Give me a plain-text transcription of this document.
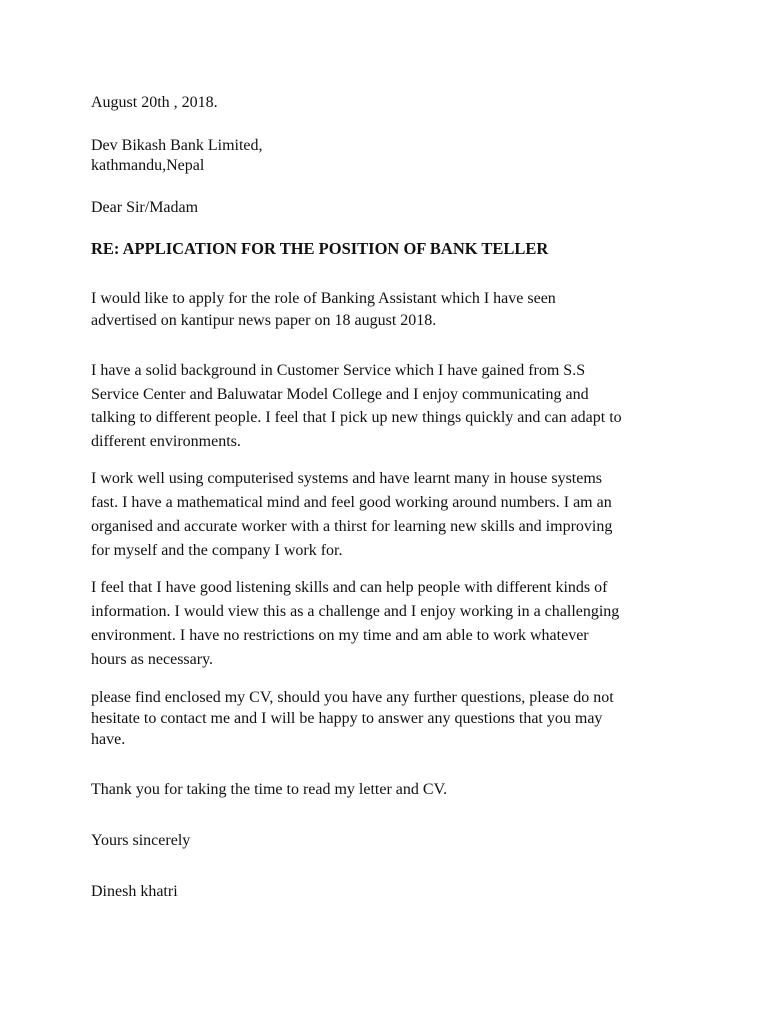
August 20th , 2018.
Dev Bikash Bank Limited,
kathmandu,Nepal
Dear Sir/Madam
RE: APPLICATION FOR THE POSITION OF BANK TELLER
I would like to apply for the role of Banking Assistant which I have seen
advertised on kantipur news paper on 18 august 2018.
I have a solid background in Customer Service which I have gained from S.S
Service Center and Baluwatar Model College and I enjoy communicating and
talking to different people. I feel that I pick up new things quickly and can adapt to
different environments.
I work well using computerised systems and have learnt many in house systems
fast. I have a mathematical mind and feel good working around numbers. I am an
organised and accurate worker with a thirst for learning new skills and improving
for myself and the company I work for.
I feel that I have good listening skills and can help people with different kinds of
information. I would view this as a challenge and I enjoy working in a challenging
environment. I have no restrictions on my time and am able to work whatever
hours as necessary.
please find enclosed my CV, should you have any further questions, please do not
hesitate to contact me and I will be happy to answer any questions that you may
have.
Thank you for taking the time to read my letter and CV.
Yours sincerely
Dinesh khatri
